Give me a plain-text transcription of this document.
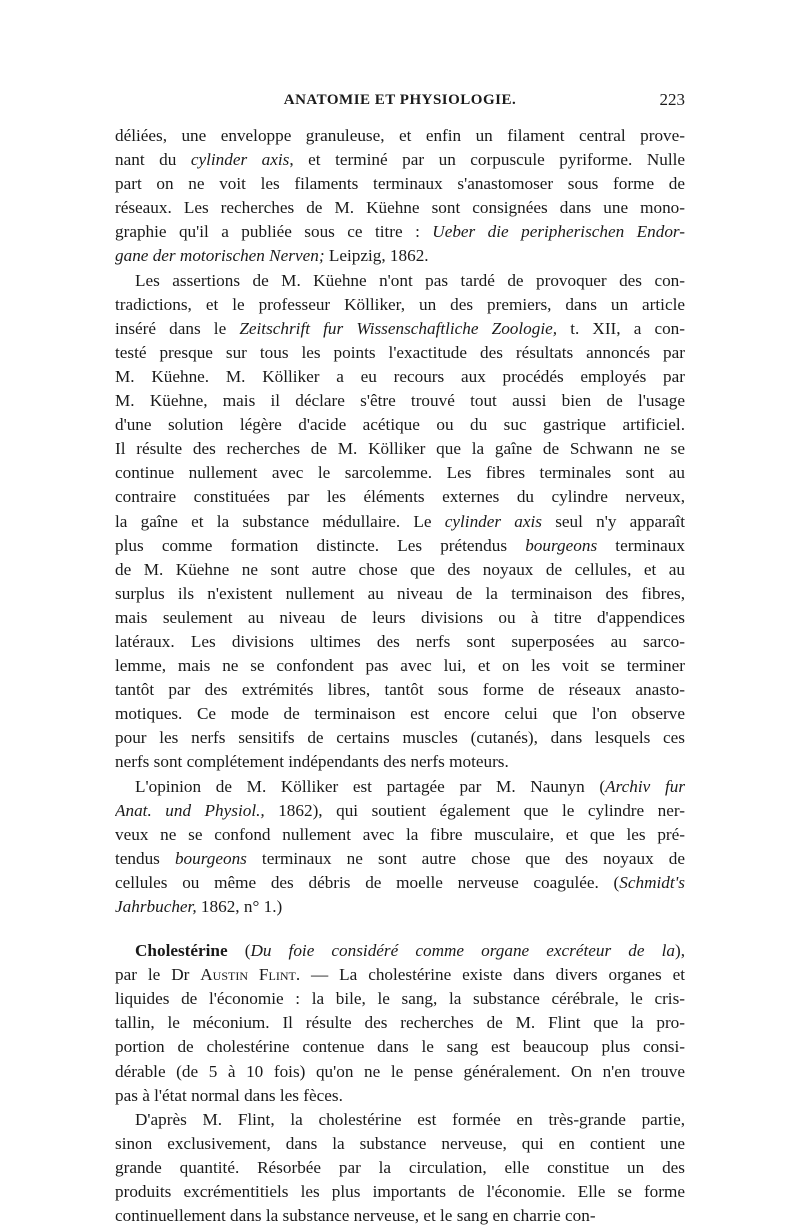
ANATOMIE ET PHYSIOLOGIE.	223
déliées, une enveloppe granuleuse, et enfin un filament central prove-
nant du cylinder axis, et terminé par un corpuscule pyriforme. Nulle
part on ne voit les filaments terminaux s'anastomoser sous forme de
réseaux. Les recherches de M. Küehne sont consignées dans une mono-
graphie qu'il a publiée sous ce titre : Ueber die peripherischen Endor-
gane der motorischen Nerven; Leipzig, 1862.
Les assertions de M. Küehne n'ont pas tardé de provoquer des con-
tradictions, et le professeur Kölliker, un des premiers, dans un article
inséré dans le Zeitschrift fur Wissenschaftliche Zoologie, t. XII, a con-
testé presque sur tous les points l'exactitude des résultats annoncés par
M. Küehne. M. Kölliker a eu recours aux procédés employés par
M. Küehne, mais il déclare s'être trouvé tout aussi bien de l'usage
d'une solution légère d'acide acétique ou du suc gastrique artificiel.
Il résulte des recherches de M. Kölliker que la gaîne de Schwann ne se
continue nullement avec le sarcolemme. Les fibres terminales sont au
contraire constituées par les éléments externes du cylindre nerveux,
la gaîne et la substance médullaire. Le cylinder axis seul n'y apparaît
plus comme formation distincte. Les prétendus bourgeons terminaux
de M. Küehne ne sont autre chose que des noyaux de cellules, et au
surplus ils n'existent nullement au niveau de la terminaison des fibres,
mais seulement au niveau de leurs divisions ou à titre d'appendices
latéraux. Les divisions ultimes des nerfs sont superposées au sarco-
lemme, mais ne se confondent pas avec lui, et on les voit se terminer
tantôt par des extrémités libres, tantôt sous forme de réseaux anasto-
motiques. Ce mode de terminaison est encore celui que l'on observe
pour les nerfs sensitifs de certains muscles (cutanés), dans lesquels ces
nerfs sont complétement indépendants des nerfs moteurs.
L'opinion de M. Kölliker est partagée par M. Naunyn (Archiv fur
Anat. und Physiol., 1862), qui soutient également que le cylindre ner-
veux ne se confond nullement avec la fibre musculaire, et que les pré-
tendus bourgeons terminaux ne sont autre chose que des noyaux de
cellules ou même des débris de moelle nerveuse coagulée. (Schmidt's
Jahrbucher, 1862, n° 1.)
Cholestérine (Du foie considéré comme organe excréteur de la),
par le Dr Austin Flint. — La cholestérine existe dans divers organes et
liquides de l'économie : la bile, le sang, la substance cérébrale, le cris-
tallin, le méconium. Il résulte des recherches de M. Flint que la pro-
portion de cholestérine contenue dans le sang est beaucoup plus consi-
dérable (de 5 à 10 fois) qu'on ne le pense généralement. On n'en trouve
pas à l'état normal dans les fèces.
D'après M. Flint, la cholestérine est formée en très-grande partie,
sinon exclusivement, dans la substance nerveuse, qui en contient une
grande quantité. Résorbée par la circulation, elle constitue un des
produits excrémentitiels les plus importants de l'économie. Elle se forme
continuellement dans la substance nerveuse, et le sang en charrie con-
